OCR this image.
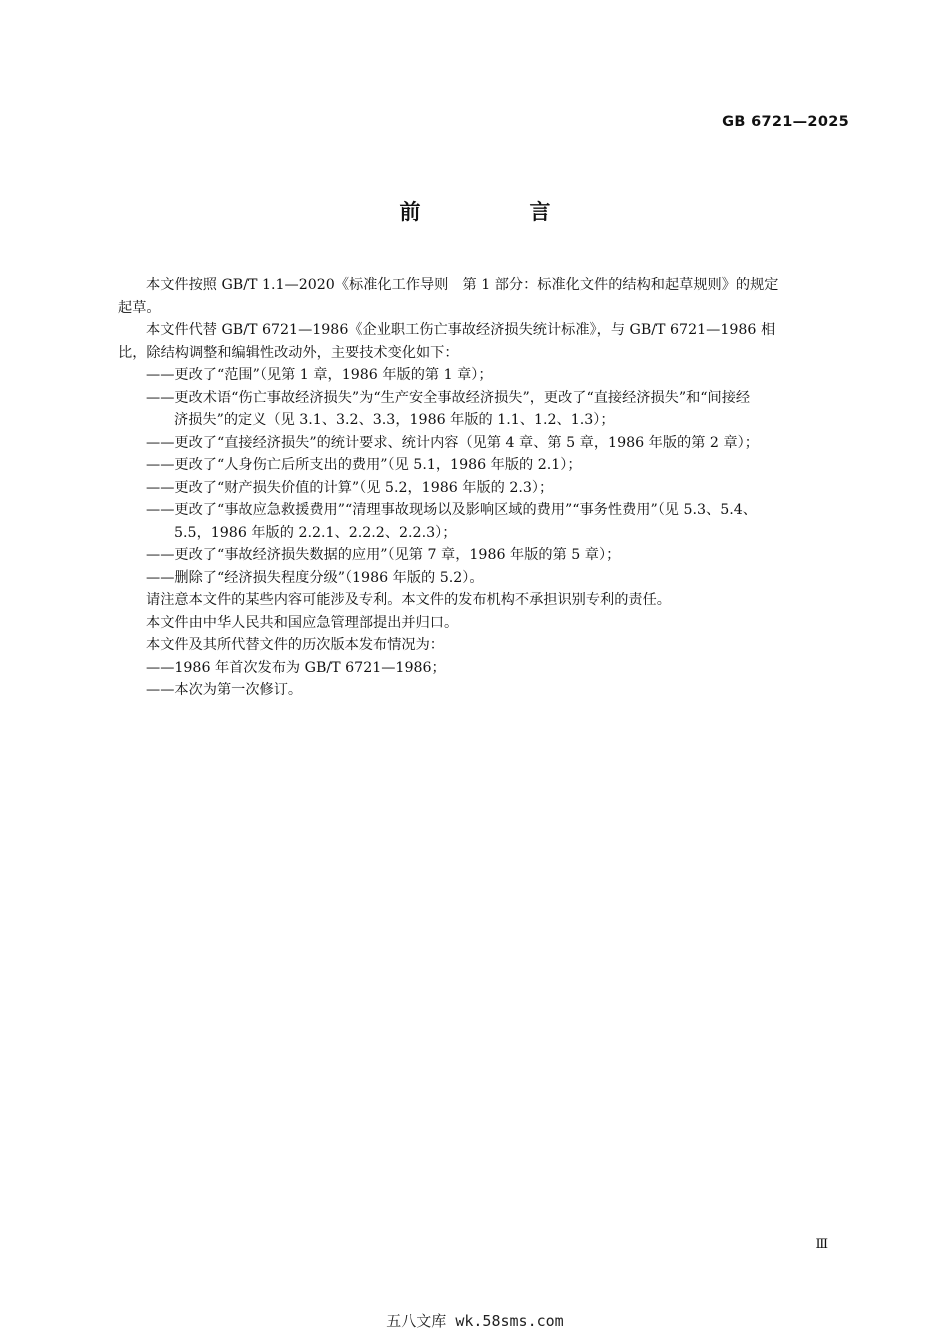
GB 6721—2025
前　言

本文件按照 GB/T 1.1—2020《标准化工作导则　第 1 部分：标准化文件的结构和起草规则》的规定

起草。

本文件代替 GB/T 6721—1986《企业职工伤亡事故经济损失统计标准》，与 GB/T 6721—1986 相

比，除结构调整和编辑性改动外，主要技术变化如下：

——更改了“范围”（见第 1 章，1986 年版的第 1 章）；

——更改术语“伤亡事故经济损失”为“生产安全事故经济损失”，更改了“直接经济损失”和“间接经

济损失”的定义（见 3.1、3.2、3.3，1986 年版的 1.1、1.2、1.3）；

——更改了“直接经济损失”的统计要求、统计内容（见第 4 章、第 5 章，1986 年版的第 2 章）；

——更改了“人身伤亡后所支出的费用”（见 5.1，1986 年版的 2.1）；

——更改了“财产损失价值的计算”（见 5.2，1986 年版的 2.3）；

——更改了“事故应急救援费用”“清理事故现场以及影响区域的费用”“事务性费用”（见 5.3、5.4、

5.5，1986 年版的 2.2.1、2.2.2、2.2.3）；

——更改了“事故经济损失数据的应用”（见第 7 章，1986 年版的第 5 章）；

——删除了“经济损失程度分级”（1986 年版的 5.2）。

请注意本文件的某些内容可能涉及专利。本文件的发布机构不承担识别专利的责任。

本文件由中华人民共和国应急管理部提出并归口。

本文件及其所代替文件的历次版本发布情况为：

——1986 年首次发布为 GB/T 6721—1986；

——本次为第一次修订。

Ⅲ
五八文库 wk.58sms.com
